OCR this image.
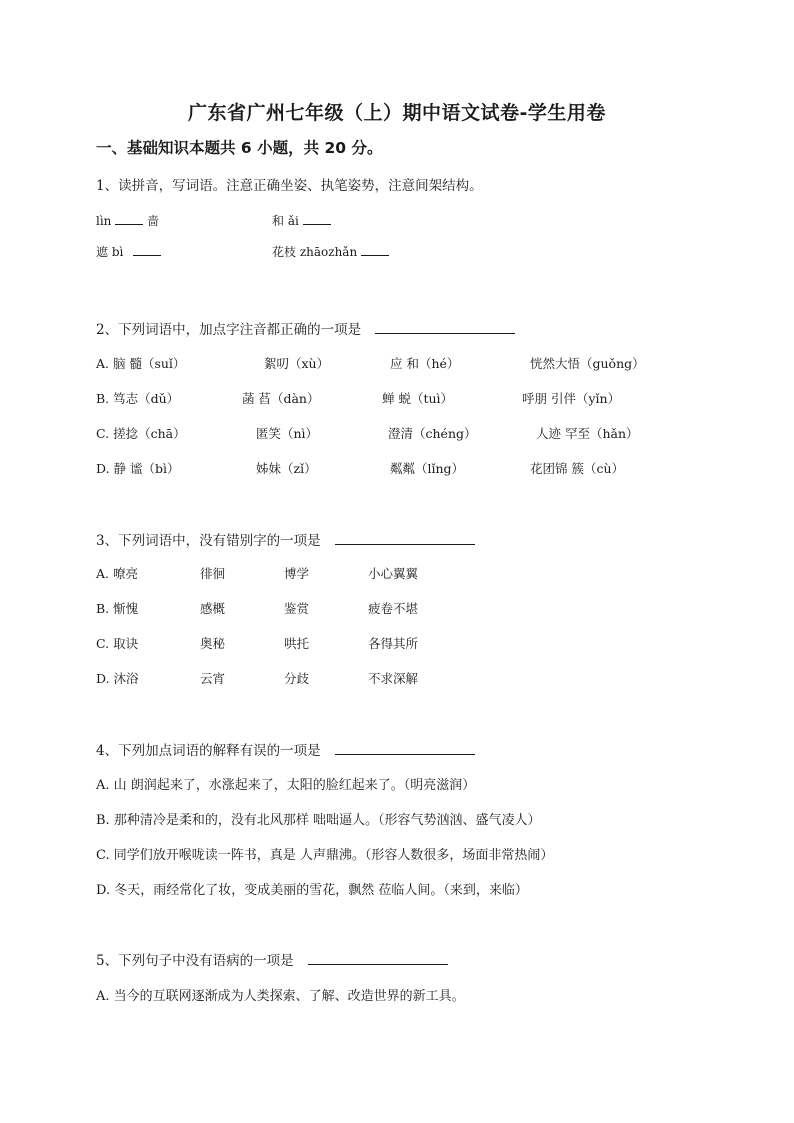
广东省广州七年级（上）期中语文试卷-学生用卷
一、基础知识本题共 6 小题，共 20 分。
1、读拼音，写词语。注意正确坐姿、执笔姿势，注意间架结构。
lìn	啬	和 ǎi
遮 bì	花枝 zhāozhǎn
2、下列词语中，加点字注音都正确的一项是
A. 脑 髓（suǐ）	絮叨（xù）	应 和（hé）	恍然大悟（guǒng）
B. 笃志（dǔ）	菡 萏（dàn）	蝉 蜕（tuì）	呼朋 引伴（yǐn）
C. 搓捻（chā）	匿笑（nì）	澄清（chéng）	人迹 罕至（hǎn）
D. 静 谧（bì）	姊妹（zǐ）	粼粼（lǐng）	花团锦 簇（cù）
3、下列词语中，没有错别字的一项是
A. 嘹亮	徘徊	博学	小心翼翼
B. 惭愧	感概	鉴赏	疲卷不堪
C. 取诀	奥秘	哄托	各得其所
D. 沐浴	云宵	分歧	不求深解
4、下列加点词语的解释有误的一项是
A. 山 朗润起来了，水涨起来了，太阳的脸红起来了。（明亮滋润）
B. 那种清冷是柔和的，没有北风那样 咄咄逼人。（形容气势汹汹、盛气凌人）
C. 同学们放开喉咙读一阵书，真是 人声鼎沸。（形容人数很多，场面非常热闹）
D. 冬天，雨经常化了妆，变成美丽的雪花，飘然 莅临人间。（来到，来临）
5、下列句子中没有语病的一项是
A. 当今的互联网逐渐成为人类探索、了解、改造世界的新工具。
